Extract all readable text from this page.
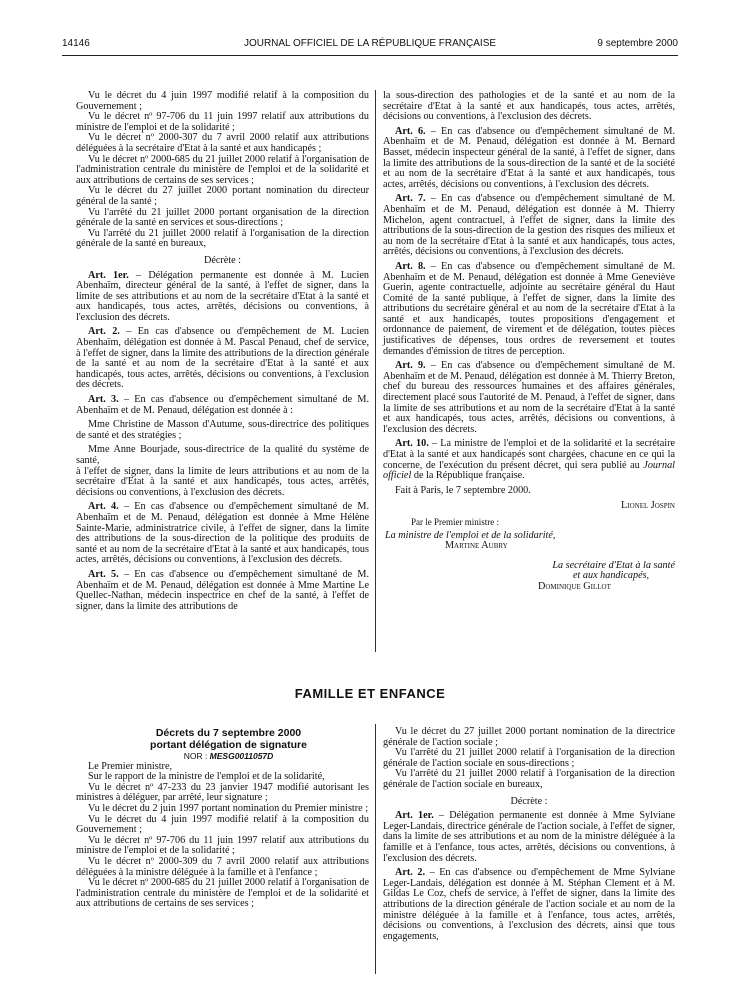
14146	JOURNAL OFFICIEL DE LA RÉPUBLIQUE FRANÇAISE	9 septembre 2000

Vu le décret du 4 juin 1997 modifié relatif à la composition du Gouvernement ;

Vu le décret nº 97-706 du 11 juin 1997 relatif aux attributions du ministre de l'emploi et de la solidarité ;

Vu le décret nº 2000-307 du 7 avril 2000 relatif aux attributions déléguées à la secrétaire d'Etat à la santé et aux handicapés ;

Vu le décret nº 2000-685 du 21 juillet 2000 relatif à l'organisation de l'administration centrale du ministère de l'emploi et de la solidarité et aux attributions de certains de ses services ;

Vu le décret du 27 juillet 2000 portant nomination du directeur général de la santé ;

Vu l'arrêté du 21 juillet 2000 portant organisation de la direction générale de la santé en services et sous-directions ;

Vu l'arrêté du 21 juillet 2000 relatif à l'organisation de la direction générale de la santé en bureaux,

Décrète :

Art. 1er. – Délégation permanente est donnée à M. Lucien Abenhaïm, directeur général de la santé, à l'effet de signer, dans la limite de ses attributions et au nom de la secrétaire d'Etat à la santé et aux handicapés, tous actes, arrêtés, décisions ou conventions, à l'exclusion des décrets.

Art. 2. – En cas d'absence ou d'empêchement de M. Lucien Abenhaïm, délégation est donnée à M. Pascal Penaud, chef de service, à l'effet de signer, dans la limite des attributions de la direction générale de la santé et au nom de la secrétaire d'Etat à la santé et aux handicapés, tous actes, arrêtés, décisions ou conventions, à l'exclusion des décrets.

Art. 3. – En cas d'absence ou d'empêchement simultané de M. Abenhaïm et de M. Penaud, délégation est donnée à :

Mme Christine de Masson d'Autume, sous-directrice des politiques de santé et des stratégies ;

Mme Anne Bourjade, sous-directrice de la qualité du système de santé,

à l'effet de signer, dans la limite de leurs attributions et au nom de la secrétaire d'Etat à la santé et aux handicapés, tous actes, arrêtés, décisions ou conventions, à l'exclusion des décrets.

Art. 4. – En cas d'absence ou d'empêchement simultané de M. Abenhaïm et de M. Penaud, délégation est donnée à Mme Hélène Sainte-Marie, administratrice civile, à l'effet de signer, dans la limite des attributions de la sous-direction de la politique des produits de santé et au nom de la secrétaire d'Etat à la santé et aux handicapés, tous actes, arrêtés, décisions ou conventions, à l'exclusion des décrets.

Art. 5. – En cas d'absence ou d'empêchement simultané de M. Abenhaïm et de M. Penaud, délégation est donnée à Mme Martine Le Quellec-Nathan, médecin inspectrice en chef de la santé, à l'effet de signer, dans la limite des attributions de

la sous-direction des pathologies et de la santé et au nom de la secrétaire d'Etat à la santé et aux handicapés, tous actes, arrêtés, décisions ou conventions, à l'exclusion des décrets.

Art. 6. – En cas d'absence ou d'empêchement simultané de M. Abenhaïm et de M. Penaud, délégation est donnée à M. Bernard Basset, médecin inspecteur général de la santé, à l'effet de signer, dans la limite des attributions de la sous-direction de la santé et de la société et au nom de la secrétaire d'Etat à la santé et aux handicapés, tous actes, arrêtés, décisions ou conventions, à l'exclusion des décrets.

Art. 7. – En cas d'absence ou d'empêchement simultané de M. Abenhaïm et de M. Penaud, délégation est donnée à M. Thierry Michelon, agent contractuel, à l'effet de signer, dans la limite des attributions de la sous-direction de la gestion des risques des milieux et au nom de la secrétaire d'Etat à la santé et aux handicapés, tous actes, arrêtés, décisions ou conventions, à l'exclusion des décrets.

Art. 8. – En cas d'absence ou d'empêchement simultané de M. Abenhaïm et de M. Penaud, délégation est donnée à Mme Geneviève Guerin, agente contractuelle, adjointe au secrétaire général du Haut Comité de la santé publique, à l'effet de signer, dans la limite des attributions du secrétaire général et au nom de la secrétaire d'Etat à la santé et aux handicapés, toutes propositions d'engagement et ordonnance de paiement, de virement et de délégation, toutes pièces justificatives de dépenses, tous ordres de reversement et toutes demandes d'émission de titres de perception.

Art. 9. – En cas d'absence ou d'empêchement simultané de M. Abenhaïm et de M. Penaud, délégation est donnée à M. Thierry Breton, chef du bureau des ressources humaines et des affaires générales, directement placé sous l'autorité de M. Penaud, à l'effet de signer, dans la limite de ses attributions et au nom de la secrétaire d'Etat à la santé et aux handicapés, tous actes, arrêtés, décisions ou conventions, à l'exclusion des décrets.

Art. 10. – La ministre de l'emploi et de la solidarité et la secrétaire d'Etat à la santé et aux handicapés sont chargées, chacune en ce qui la concerne, de l'exécution du présent décret, qui sera publié au Journal officiel de la République française.

Fait à Paris, le 7 septembre 2000.

Lionel Jospin

Par le Premier ministre :

La ministre de l'emploi et de la solidarité,

Martine Aubry

La secrétaire d'Etat à la santé

et aux handicapés,

Dominique Gillot

FAMILLE ET ENFANCE

Décrets du 7 septembre 2000

portant délégation de signature

NOR : MESG0011057D

Le Premier ministre,

Sur le rapport de la ministre de l'emploi et de la solidarité,

Vu le décret nº 47-233 du 23 janvier 1947 modifié autorisant les ministres à déléguer, par arrêté, leur signature ;

Vu le décret du 2 juin 1997 portant nomination du Premier ministre ;

Vu le décret du 4 juin 1997 modifié relatif à la composition du Gouvernement ;

Vu le décret nº 97-706 du 11 juin 1997 relatif aux attributions du ministre de l'emploi et de la solidarité ;

Vu le décret nº 2000-309 du 7 avril 2000 relatif aux attributions déléguées à la ministre déléguée à la famille et à l'enfance ;

Vu le décret nº 2000-685 du 21 juillet 2000 relatif à l'organisation de l'administration centrale du ministère de l'emploi et de la solidarité et aux attributions de certains de ses services ;

Vu le décret du 27 juillet 2000 portant nomination de la directrice générale de l'action sociale ;

Vu l'arrêté du 21 juillet 2000 relatif à l'organisation de la direction générale de l'action sociale en sous-directions ;

Vu l'arrêté du 21 juillet 2000 relatif à l'organisation de la direction générale de l'action sociale en bureaux,

Décrète :

Art. 1er. – Délégation permanente est donnée à Mme Sylviane Leger-Landais, directrice générale de l'action sociale, à l'effet de signer, dans la limite de ses attributions et au nom de la ministre déléguée à la famille et à l'enfance, tous actes, arrêtés, décisions ou conventions, à l'exclusion des décrets.

Art. 2. – En cas d'absence ou d'empêchement de Mme Sylviane Leger-Landais, délégation est donnée à M. Stéphan Clement et à M. Gildas Le Coz, chefs de service, à l'effet de signer, dans la limite des attributions de la direction générale de l'action sociale et au nom de la ministre déléguée à la famille et à l'enfance, tous actes, arrêtés, décisions ou conventions, à l'exclusion des décrets, ainsi que tous engagements,
